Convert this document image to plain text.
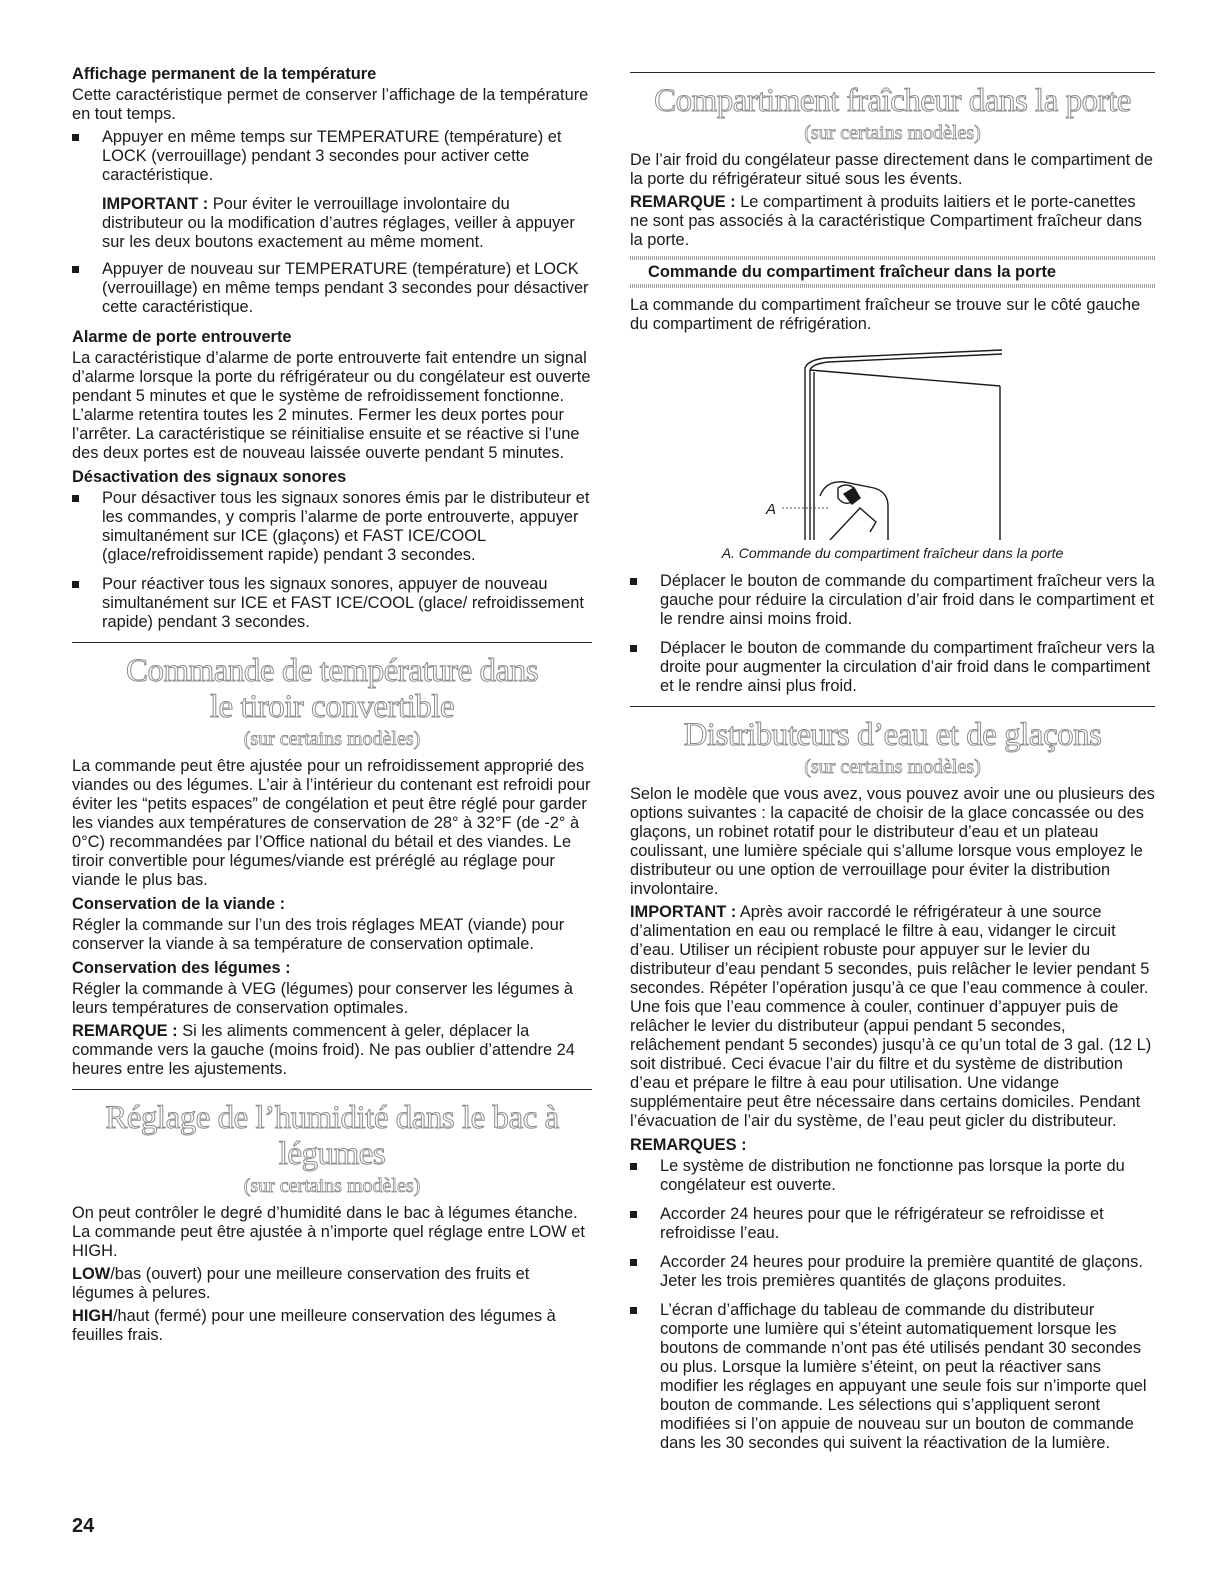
Affichage permanent de la température

Cette caractéristique permet de conserver l’affichage de la température en tout temps.

Appuyer en même temps sur TEMPERATURE (température) et LOCK (verrouillage) pendant 3 secondes pour activer cette caractéristique.

IMPORTANT : Pour éviter le verrouillage involontaire du distributeur ou la modification d’autres réglages, veiller à appuyer sur les deux boutons exactement au même moment.

Appuyer de nouveau sur TEMPERATURE (température) et LOCK (verrouillage) en même temps pendant 3 secondes pour désactiver cette caractéristique.
Alarme de porte entrouverte

La caractéristique d’alarme de porte entrouverte fait entendre un signal d’alarme lorsque la porte du réfrigérateur ou du congélateur est ouverte pendant 5 minutes et que le système de refroidissement fonctionne. L’alarme retentira toutes les 2 minutes. Fermer les deux portes pour l’arrêter. La caractéristique se réinitialise ensuite et se réactive si l’une des deux portes est de nouveau laissée ouverte pendant 5 minutes.

Désactivation des signaux sonores
Pour désactiver tous les signaux sonores émis par le distributeur et les commandes, y compris l’alarme de porte entrouverte, appuyer simultanément sur ICE (glaçons) et FAST ICE/COOL (glace/refroidissement rapide) pendant 3 secondes.
Pour réactiver tous les signaux sonores, appuyer de nouveau simultanément sur ICE et FAST ICE/COOL (glace/ refroidissement rapide) pendant 3 secondes.
Commande de température dans
le tiroir convertible
(sur certains modèles)

La commande peut être ajustée pour un refroidissement approprié des viandes ou des légumes. L’air à l’intérieur du contenant est refroidi pour éviter les “petits espaces” de congélation et peut être réglé pour garder les viandes aux températures de conservation de 28° à 32°F (de -2° à 0°C) recommandées par l’Office national du bétail et des viandes. Le tiroir convertible pour légumes/viande est préréglé au réglage pour viande le plus bas.

Conservation de la viande :

Régler la commande sur l’un des trois réglages MEAT (viande) pour conserver la viande à sa température de conservation optimale.

Conservation des légumes :

Régler la commande à VEG (légumes) pour conserver les légumes à leurs températures de conservation optimales.

REMARQUE : Si les aliments commencent à geler, déplacer la commande vers la gauche (moins froid). Ne pas oublier d’attendre 24 heures entre les ajustements.

Réglage de l’humidité dans le bac à légumes
(sur certains modèles)

On peut contrôler le degré d’humidité dans le bac à légumes étanche. La commande peut être ajustée à n’importe quel réglage entre LOW et HIGH.

LOW/bas (ouvert) pour une meilleure conservation des fruits et légumes à pelures.

HIGH/haut (fermé) pour une meilleure conservation des légumes à feuilles frais.

Compartiment fraîcheur dans la porte
(sur certains modèles)

De l’air froid du congélateur passe directement dans le compartiment de la porte du réfrigérateur situé sous les évents.

REMARQUE : Le compartiment à produits laitiers et le porte-canettes ne sont pas associés à la caractéristique Compartiment fraîcheur dans la porte.

Commande du compartiment fraîcheur dans la porte

La commande du compartiment fraîcheur se trouve sur le côté gauche du compartiment de réfrigération.

A
A. Commande du compartiment fraîcheur dans la porte
Déplacer le bouton de commande du compartiment fraîcheur vers la gauche pour réduire la circulation d’air froid dans le compartiment et le rendre ainsi moins froid.
Déplacer le bouton de commande du compartiment fraîcheur vers la droite pour augmenter la circulation d’air froid dans le compartiment et le rendre ainsi plus froid.
Distributeurs d’eau et de glaçons
(sur certains modèles)

Selon le modèle que vous avez, vous pouvez avoir une ou plusieurs des options suivantes : la capacité de choisir de la glace concassée ou des glaçons, un robinet rotatif pour le distributeur d’eau et un plateau coulissant, une lumière spéciale qui s’allume lorsque vous employez le distributeur ou une option de verrouillage pour éviter la distribution involontaire.

IMPORTANT : Après avoir raccordé le réfrigérateur à une source d’alimentation en eau ou remplacé le filtre à eau, vidanger le circuit d’eau. Utiliser un récipient robuste pour appuyer sur le levier du distributeur d’eau pendant 5 secondes, puis relâcher le levier pendant 5 secondes. Répéter l’opération jusqu’à ce que l’eau commence à couler. Une fois que l’eau commence à couler, continuer d’appuyer puis de relâcher le levier du distributeur (appui pendant 5 secondes, relâchement pendant 5 secondes) jusqu’à ce qu’un total de 3 gal. (12 L) soit distribué. Ceci évacue l’air du filtre et du système de distribution d’eau et prépare le filtre à eau pour utilisation. Une vidange supplémentaire peut être nécessaire dans certains domiciles. Pendant l’évacuation de l’air du système, de l’eau peut gicler du distributeur.

REMARQUES :
Le système de distribution ne fonctionne pas lorsque la porte du congélateur est ouverte.
Accorder 24 heures pour que le réfrigérateur se refroidisse et refroidisse l’eau.
Accorder 24 heures pour produire la première quantité de glaçons. Jeter les trois premières quantités de glaçons produites.
L’écran d’affichage du tableau de commande du distributeur comporte une lumière qui s’éteint automatiquement lorsque les boutons de commande n’ont pas été utilisés pendant 30 secondes ou plus. Lorsque la lumière s’éteint, on peut la réactiver sans modifier les réglages en appuyant une seule fois sur n’importe quel bouton de commande. Les sélections qui s’appliquent seront modifiées si l’on appuie de nouveau sur un bouton de commande dans les 30 secondes qui suivent la réactivation de la lumière.
24
